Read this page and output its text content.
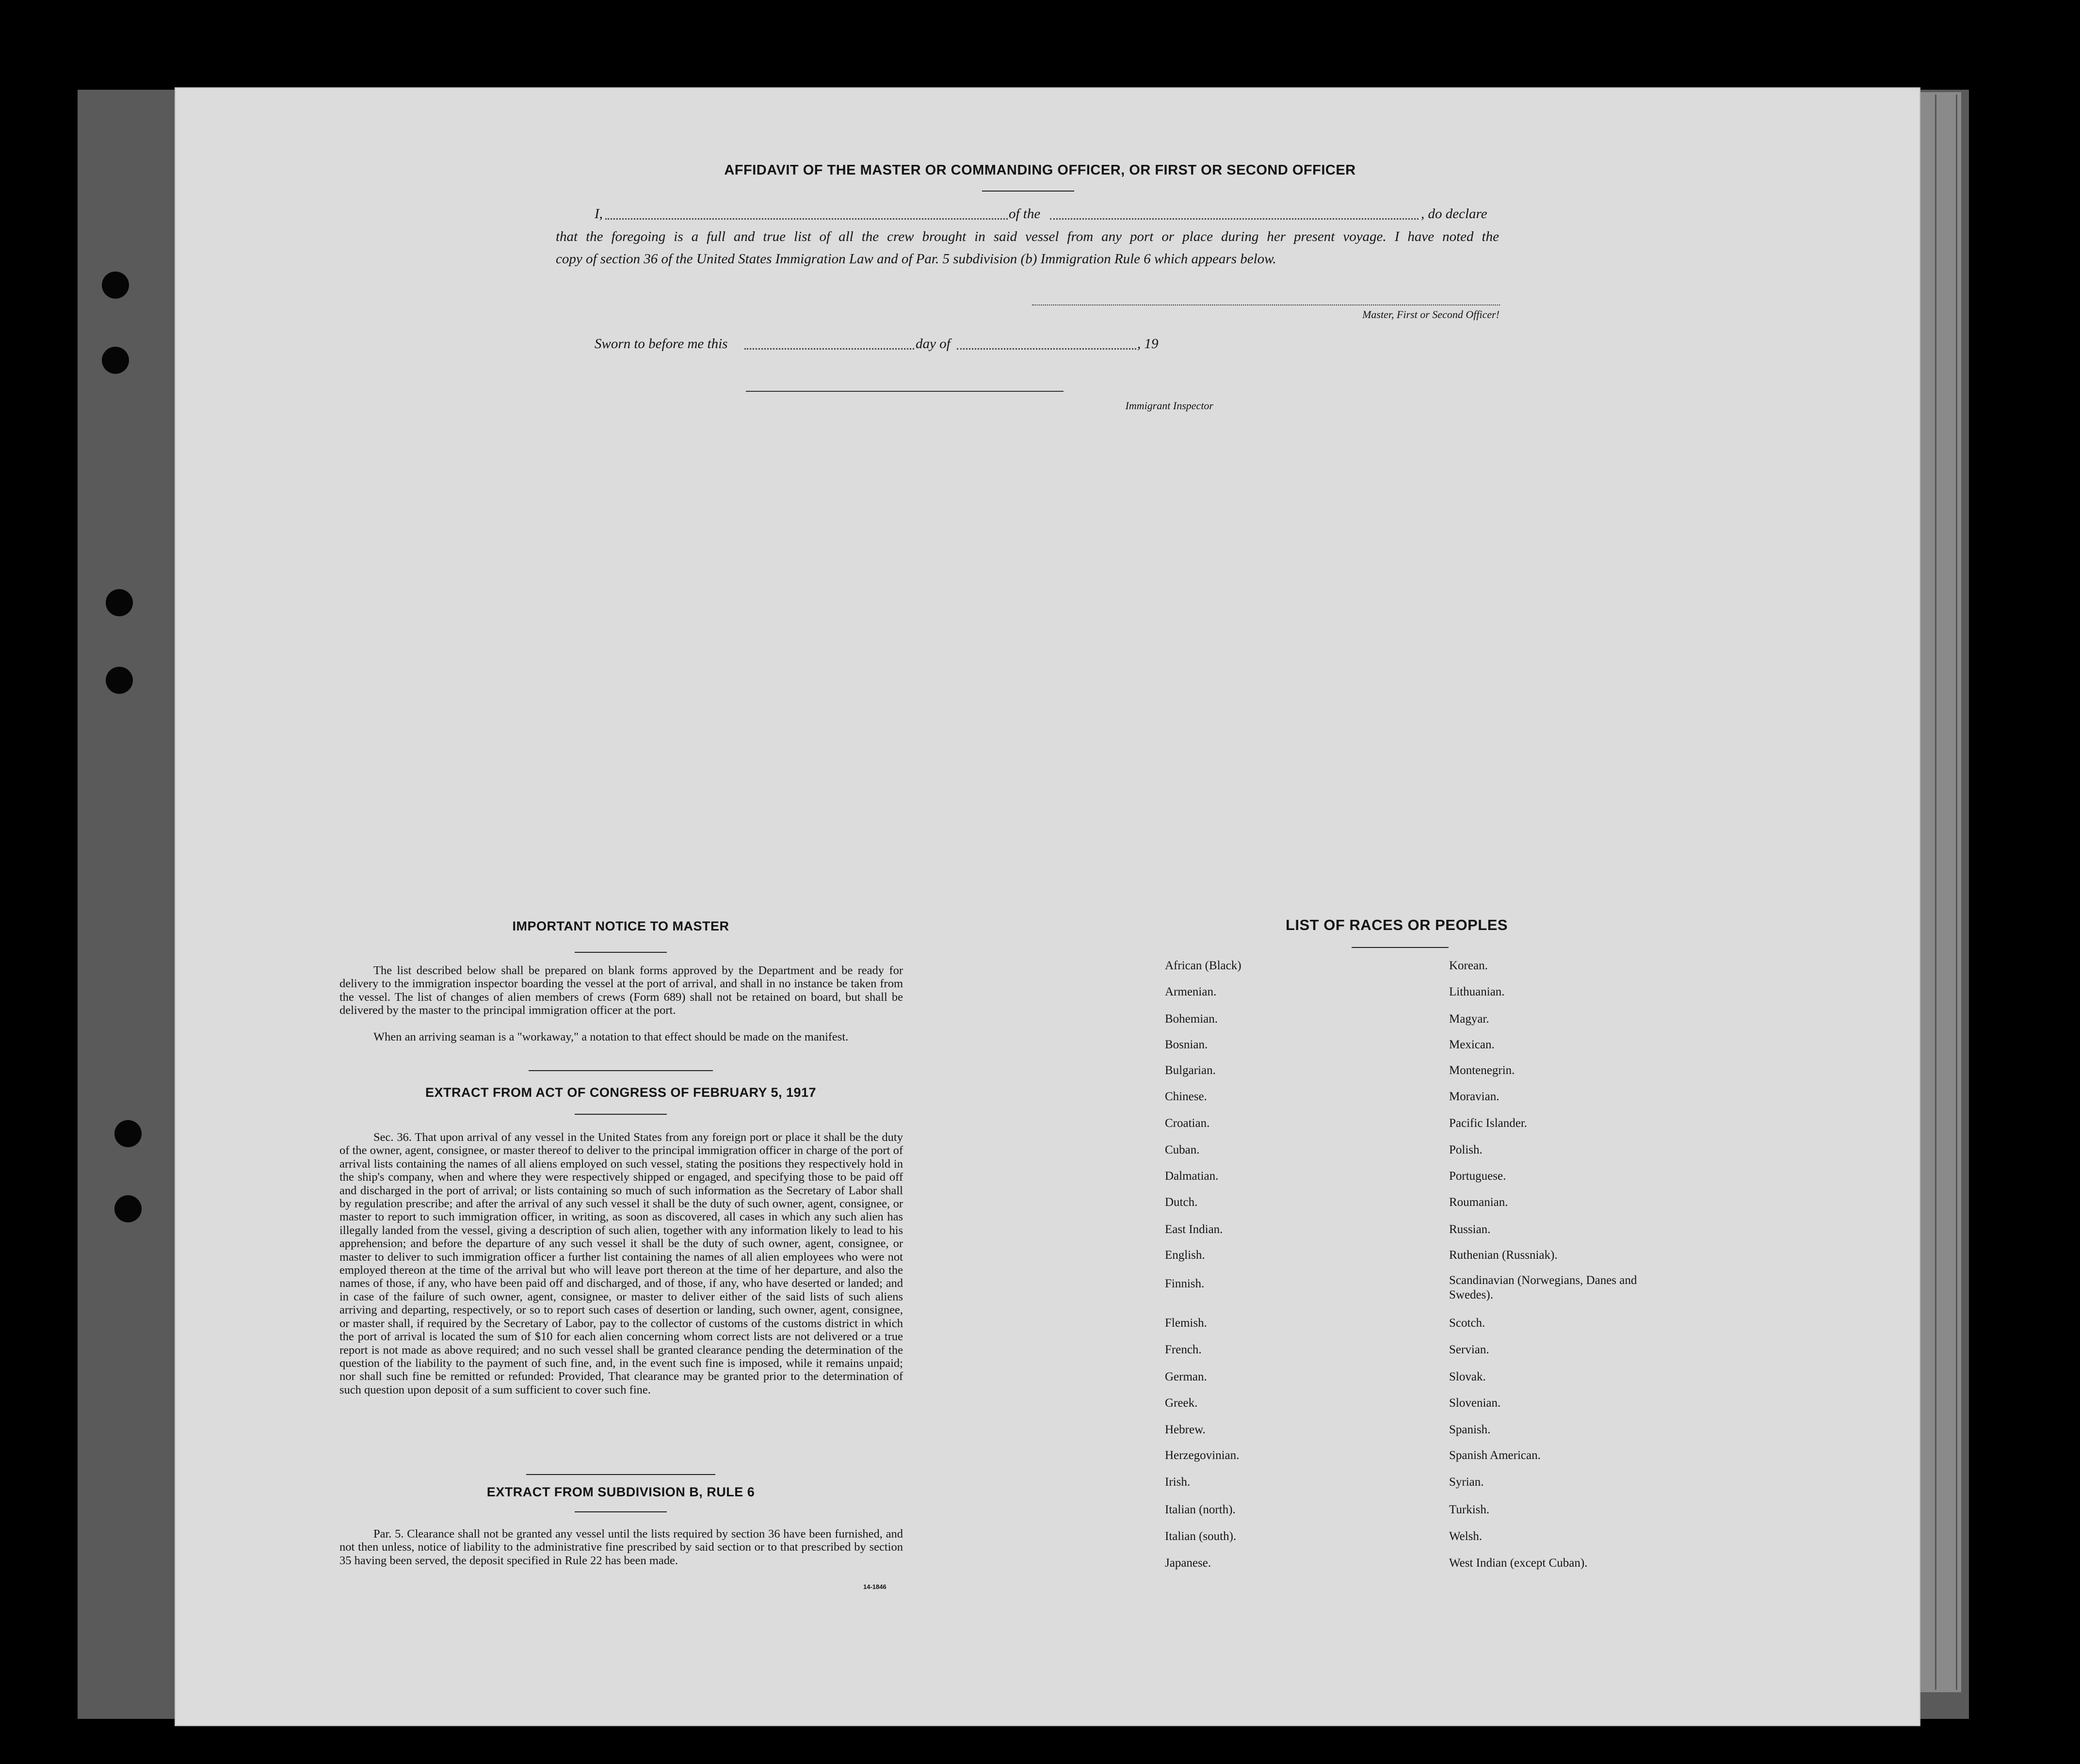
AFFIDAVIT OF THE MASTER OR COMMANDING OFFICER, OR FIRST OR SECOND OFFICER
I,	of the	, do declare
that the foregoing is a full and true list of all the crew brought in said vessel from any port or place during her present voyage. I have noted the
copy of section 36 of the United States Immigration Law and of Par. 5 subdivision (b) Immigration Rule 6 which appears below.
Master, First or Second Officer!
Sworn to before me this	day of	, 19
Immigrant Inspector
IMPORTANT NOTICE TO MASTER
The list described below shall be prepared on blank forms approved by the Department and be ready for delivery to the immigration inspector boarding the vessel at the port of arrival, and shall in no instance be taken from the vessel. The list of changes of alien members of crews (Form 689) shall not be retained on board, but shall be delivered by the master to the principal immigration officer at the port.
When an arriving seaman is a "workaway," a notation to that effect should be made on the manifest.
EXTRACT FROM ACT OF CONGRESS OF FEBRUARY 5, 1917
Sec. 36. That upon arrival of any vessel in the United States from any foreign port or place it shall be the duty of the owner, agent, consignee, or master thereof to deliver to the principal immigration officer in charge of the port of arrival lists containing the names of all aliens employed on such vessel, stating the positions they respectively hold in the ship's company, when and where they were respectively shipped or engaged, and specifying those to be paid off and discharged in the port of arrival; or lists containing so much of such information as the Secretary of Labor shall by regulation prescribe; and after the arrival of any such vessel it shall be the duty of such owner, agent, consignee, or master to report to such immigration officer, in writing, as soon as discovered, all cases in which any such alien has illegally landed from the vessel, giving a description of such alien, together with any information likely to lead to his apprehension; and before the departure of any such vessel it shall be the duty of such owner, agent, consignee, or master to deliver to such immigration officer a further list containing the names of all alien employees who were not employed thereon at the time of the arrival but who will leave port thereon at the time of her departure, and also the names of those, if any, who have been paid off and discharged, and of those, if any, who have deserted or landed; and in case of the failure of such owner, agent, consignee, or master to deliver either of the said lists of such aliens arriving and departing, respectively, or so to report such cases of desertion or landing, such owner, agent, consignee, or master shall, if required by the Secretary of Labor, pay to the collector of customs of the customs district in which the port of arrival is located the sum of $10 for each alien concerning whom correct lists are not delivered or a true report is not made as above required; and no such vessel shall be granted clearance pending the determination of the question of the liability to the payment of such fine, and, in the event such fine is imposed, while it remains unpaid; nor shall such fine be remitted or refunded: Provided, That clearance may be granted prior to the determination of such question upon deposit of a sum sufficient to cover such fine.
EXTRACT FROM SUBDIVISION B, RULE 6
Par. 5. Clearance shall not be granted any vessel until the lists required by section 36 have been furnished, and not then unless, notice of liability to the administrative fine prescribed by said section or to that prescribed by section 35 having been served, the deposit specified in Rule 22 has been made.
14-1846
LIST OF RACES OR PEOPLES
African (Black)
Armenian.
Bohemian.
Bosnian.
Bulgarian.
Chinese.
Croatian.
Cuban.
Dalmatian.
Dutch.
East Indian.
English.
Finnish.
Flemish.
French.
German.
Greek.
Hebrew.
Herzegovinian.
Irish.
Italian (north).
Italian (south).
Japanese.
Korean.
Lithuanian.
Magyar.
Mexican.
Montenegrin.
Moravian.
Pacific Islander.
Polish.
Portuguese.
Roumanian.
Russian.
Ruthenian (Russniak).
Scandinavian (Norwegians, Danes and Swedes).
Scotch.
Servian.
Slovak.
Slovenian.
Spanish.
Spanish American.
Syrian.
Turkish.
Welsh.
West Indian (except Cuban).
